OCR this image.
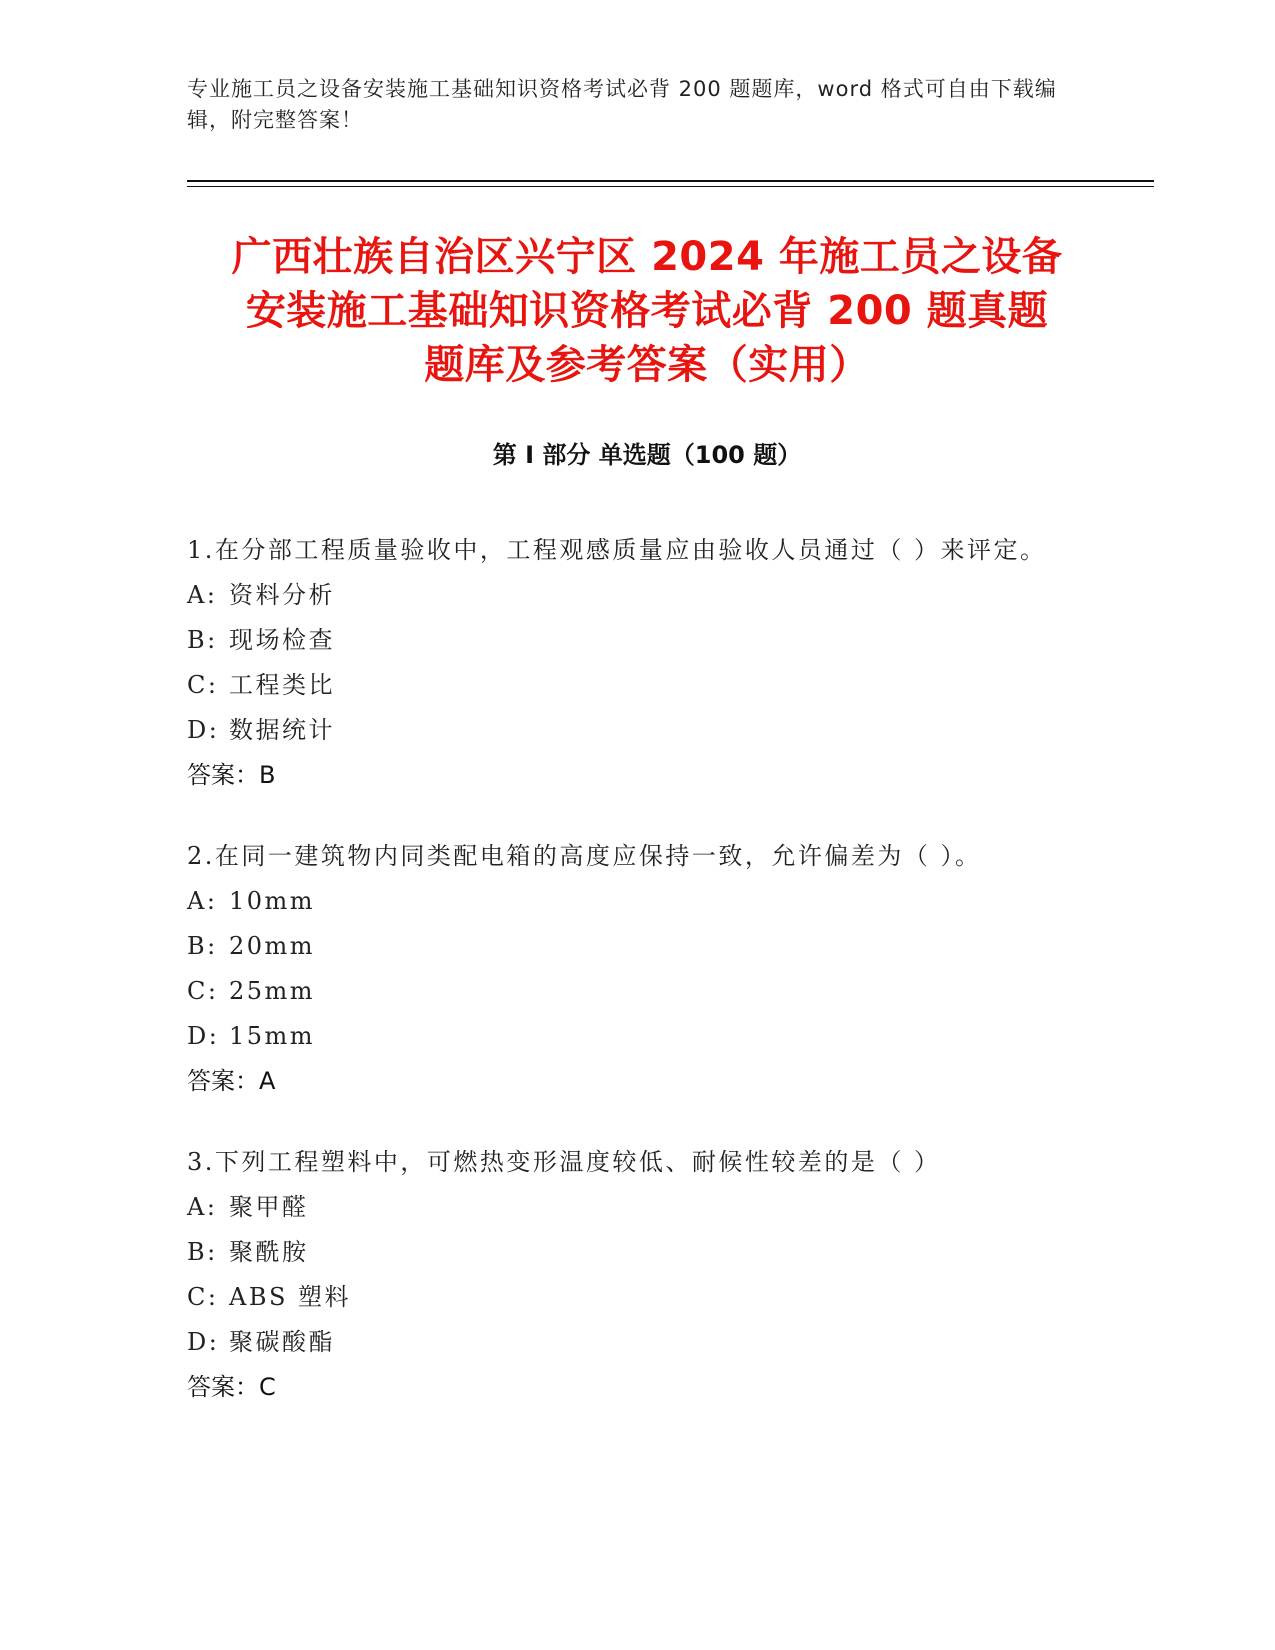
专业施工员之设备安装施工基础知识资格考试必背 200 题题库，word 格式可自由下载编辑，附完整答案！
广西壮族自治区兴宁区 2024 年施工员之设备
安装施工基础知识资格考试必背 200 题真题
题库及参考答案（实用）
第 I 部分 单选题（100 题）

1.在分部工程质量验收中，工程观感质量应由验收人员通过（ ）来评定。

A: 资料分析

B: 现场检查

C: 工程类比

D: 数据统计

答案：B

2.在同一建筑物内同类配电箱的高度应保持一致，允许偏差为（ ）。

A: 10mm

B: 20mm

C: 25mm

D: 15mm

答案：A

3.下列工程塑料中，可燃热变形温度较低、耐候性较差的是（ ）

A: 聚甲醛

B: 聚酰胺

C: ABS 塑料

D: 聚碳酸酯

答案：C
